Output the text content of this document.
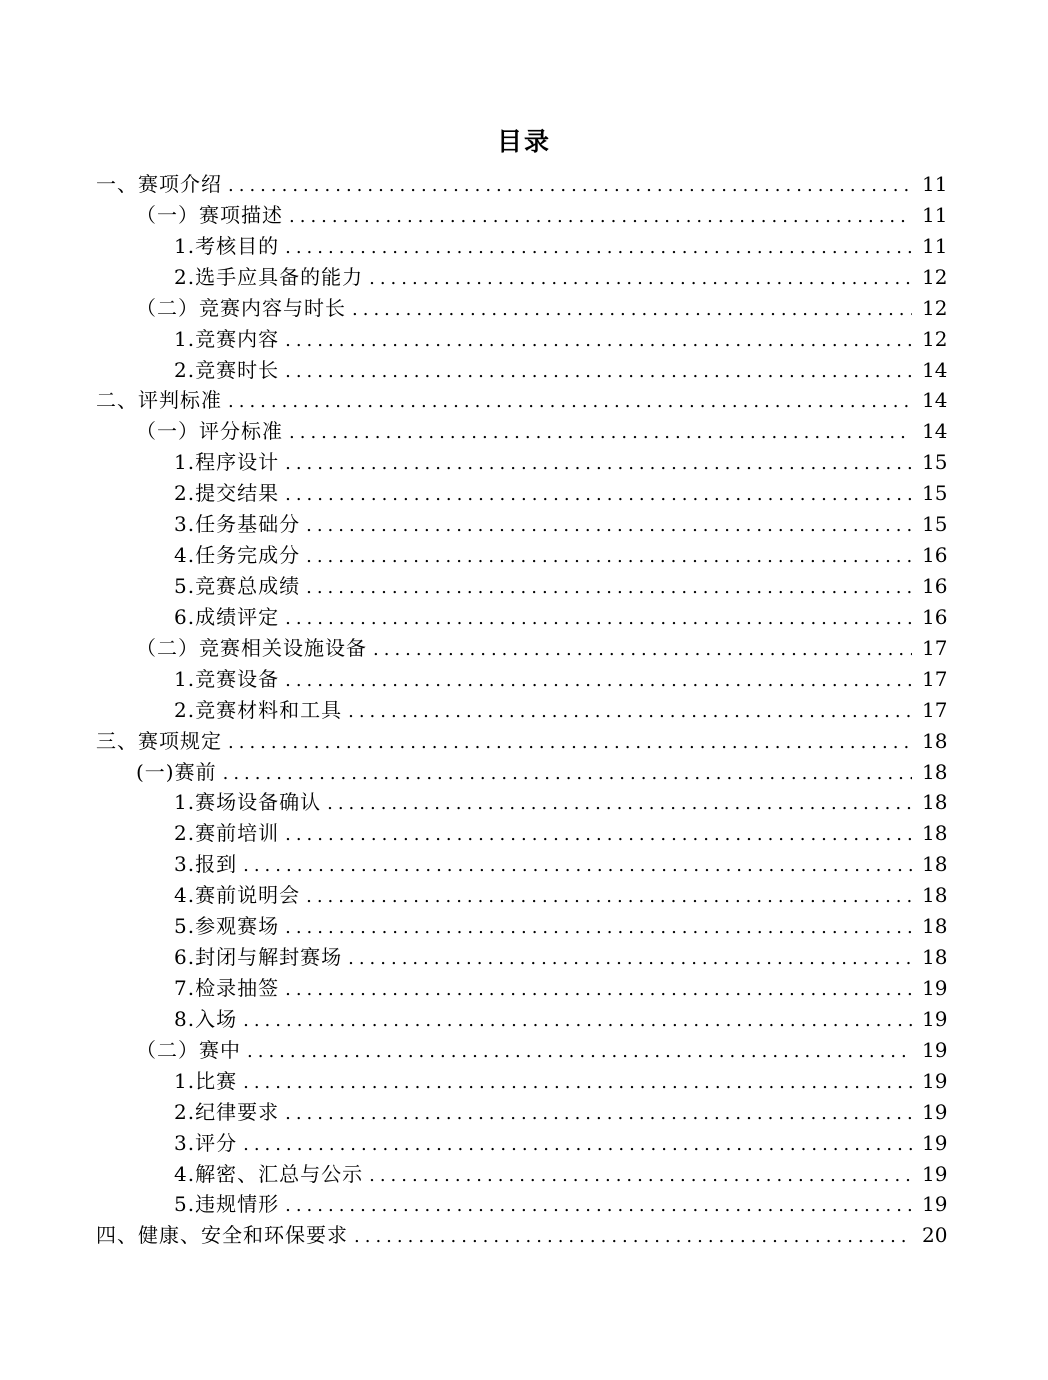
目录
一、赛项介绍 .....	11
（一）赛项描述 .....	11
1.考核目的 .....	11
2.选手应具备的能力 .....	12
（二）竞赛内容与时长 .....	12
1.竞赛内容 .....	12
2.竞赛时长 .....	14
二、评判标准 .....	14
（一）评分标准 .....	14
1.程序设计 .....	15
2.提交结果 .....	15
3.任务基础分 .....	15
4.任务完成分 .....	16
5.竞赛总成绩 .....	16
6.成绩评定 .....	16
（二）竞赛相关设施设备 .....	17
1.竞赛设备 .....	17
2.竞赛材料和工具 .....	17
三、赛项规定 .....	18
(一)赛前 .....	18
1.赛场设备确认 .....	18
2.赛前培训 .....	18
3.报到 .....	18
4.赛前说明会 .....	18
5.参观赛场 .....	18
6.封闭与解封赛场 .....	18
7.检录抽签 .....	19
8.入场 .....	19
（二）赛中 .....	19
1.比赛 .....	19
2.纪律要求 .....	19
3.评分 .....	19
4.解密、汇总与公示 .....	19
5.违规情形 .....	19
四、健康、安全和环保要求 .....	20
